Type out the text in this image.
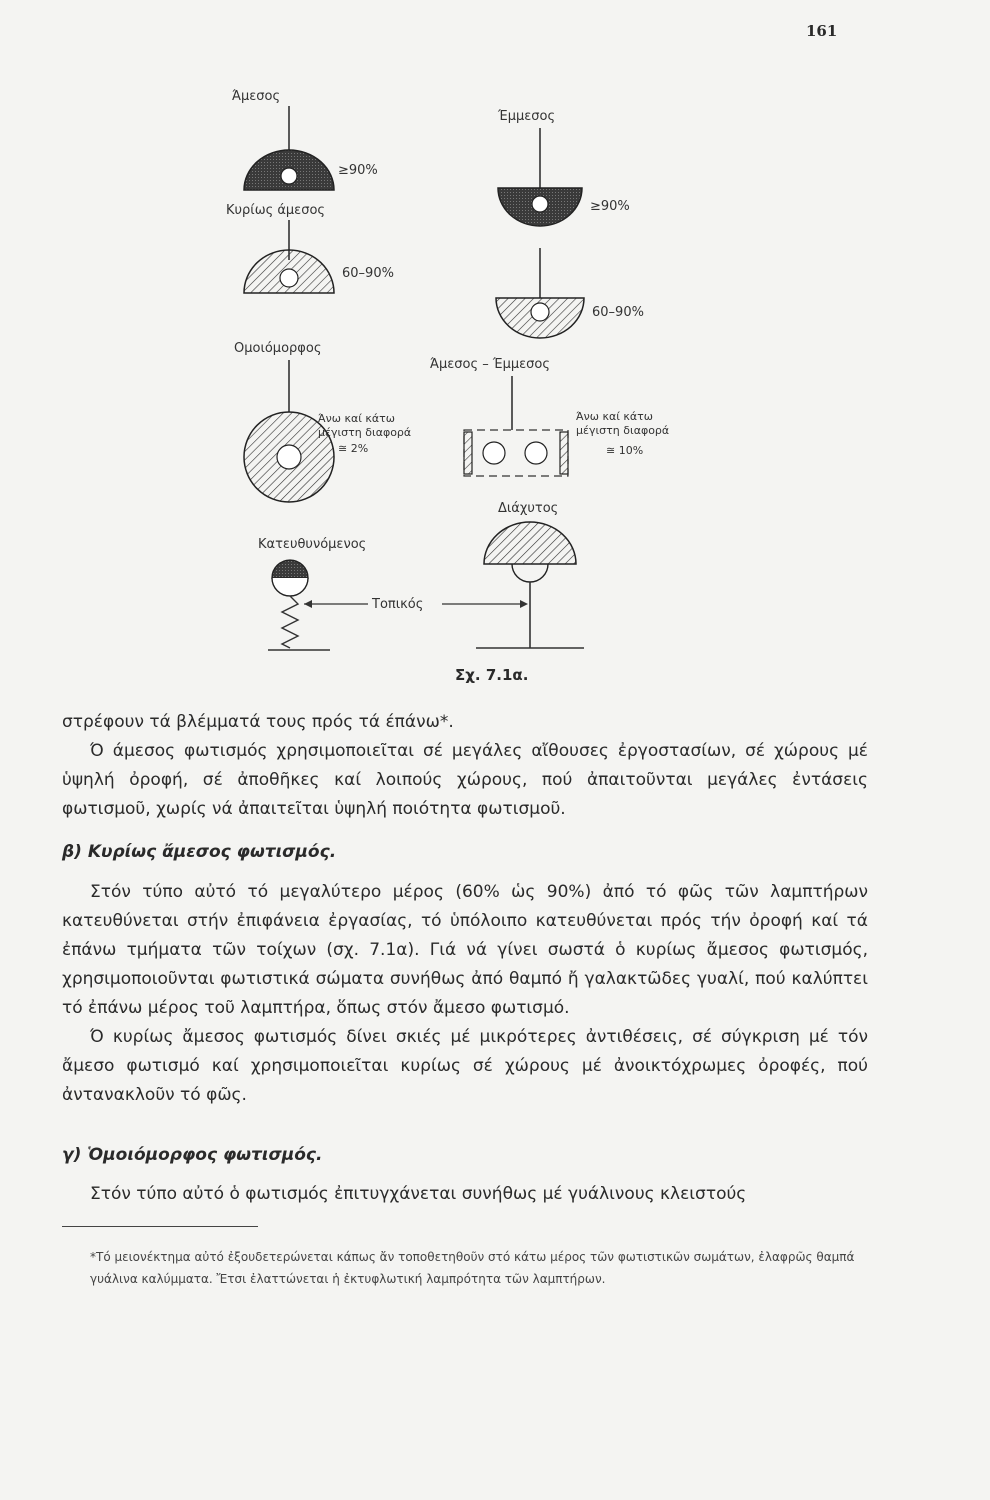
161
Άμεσος
≥90%
Κυρίως άμεσος
60–90%
Έμμεσος
≥90%
60–90%
Ομοιόμορφος
Άνω καί κάτω
μέγιστη διαφορά
≅ 2%
Άμεσος – Έμμεσος
Άνω καί κάτω
μέγιστη διαφορά
≅ 10%
Διάχυτος
Κατευθυνόμενος
Τοπικός
Σχ. 7.1α.

στρέφουν τά βλέμματά τους πρός τά έπάνω*.

Ό άμεσος φωτισμός χρησιμοποιεῖται σέ μεγάλες αἴθουσες ἐργοστασίων, σέ χώρους μέ ὑψηλή ὀροφή, σέ ἀποθῆκες καί λοιπούς χώρους, πού ἀπαιτοῦνται μεγάλες ἐντάσεις φωτισμοῦ, χωρίς νά ἀπαιτεῖται ὑψηλή ποιότητα φωτισμοῦ.

β) Κυρίως ἄμεσος φωτισμός.

Στόν τύπο αὐτό τό μεγαλύτερο μέρος (60% ὡς 90%) ἀπό τό φῶς τῶν λαμπτήρων κατευθύνεται στήν ἐπιφάνεια ἐργασίας, τό ὑπόλοιπο κατευθύνεται πρός τήν ὀροφή καί τά ἐπάνω τμήματα τῶν τοίχων (σχ. 7.1α). Γιά νά γίνει σωστά ὁ κυρίως ἄμεσος φωτισμός, χρησιμοποιοῦνται φωτιστικά σώματα συνήθως ἀπό θαμπό ἤ γαλακτῶδες γυαλί, πού καλύπτει τό ἐπάνω μέρος τοῦ λαμπτήρα, ὅπως στόν ἄμεσο φωτισμό.

Ό κυρίως ἄμεσος φωτισμός δίνει σκιές μέ μικρότερες ἀντιθέσεις, σέ σύγκριση μέ τόν ἄμεσο φωτισμό καί χρησιμοποιεῖται κυρίως σέ χώρους μέ ἀνοικτόχρωμες ὀροφές, πού ἀντανακλοῦν τό φῶς.

γ) Ὁμοιόμορφος φωτισμός.

Στόν τύπο αὐτό ὁ φωτισμός ἐπιτυγχάνεται συνήθως μέ γυάλινους κλειστούς

*Τό μειονέκτημα αὐτό ἐξουδετερώνεται κάπως ἄν τοποθετηθοῦν στό κάτω μέρος τῶν φωτιστικῶν σωμάτων, ἐλαφρῶς θαμπά γυάλινα καλύμματα. Ἔτσι ἐλαττώνεται ἡ ἐκτυφλωτική λαμπρότητα τῶν λαμπτήρων.
